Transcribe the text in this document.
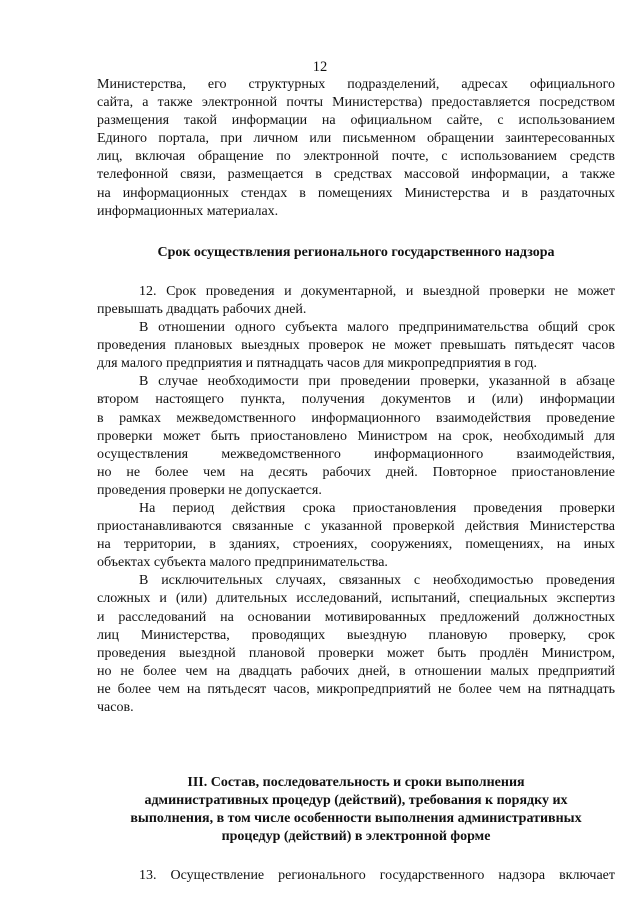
12
Министерства, его структурных подразделений, адресах официального
сайта, а также электронной почты Министерства) предоставляется посредством
размещения такой информации на официальном сайте, с использованием
Единого портала, при личном или письменном обращении заинтересованных
лиц, включая обращение по электронной почте, с использованием средств
телефонной связи, размещается в средствах массовой информации, а также
на информационных стендах в помещениях Министерства и в раздаточных
информационных материалах.
Срок осуществления регионального государственного надзора
12. Срок проведения и документарной, и выездной проверки не может
превышать двадцать рабочих дней.
В отношении одного субъекта малого предпринимательства общий срок
проведения плановых выездных проверок не может превышать пятьдесят часов
для малого предприятия и пятнадцать часов для микропредприятия в год.
В случае необходимости при проведении проверки, указанной в абзаце
втором настоящего пункта, получения документов и (или) информации
в рамках межведомственного информационного взаимодействия проведение
проверки может быть приостановлено Министром на срок, необходимый для
осуществления межведомственного информационного взаимодействия,
но не более чем на десять рабочих дней. Повторное приостановление
проведения проверки не допускается.
На период действия срока приостановления проведения проверки
приостанавливаются связанные с указанной проверкой действия Министерства
на территории, в зданиях, строениях, сооружениях, помещениях, на иных
объектах субъекта малого предпринимательства.
В исключительных случаях, связанных с необходимостью проведения
сложных и (или) длительных исследований, испытаний, специальных экспертиз
и расследований на основании мотивированных предложений должностных
лиц Министерства, проводящих выездную плановую проверку, срок
проведения выездной плановой проверки может быть продлён Министром,
но не более чем на двадцать рабочих дней, в отношении малых предприятий
не более чем на пятьдесят часов, микропредприятий не более чем на пятнадцать
часов.
III. Состав, последовательность и сроки выполнения
административных процедур (действий), требования к порядку их
выполнения, в том числе особенности выполнения административных
процедур (действий) в электронной форме
13. Осуществление регионального государственного надзора включает
